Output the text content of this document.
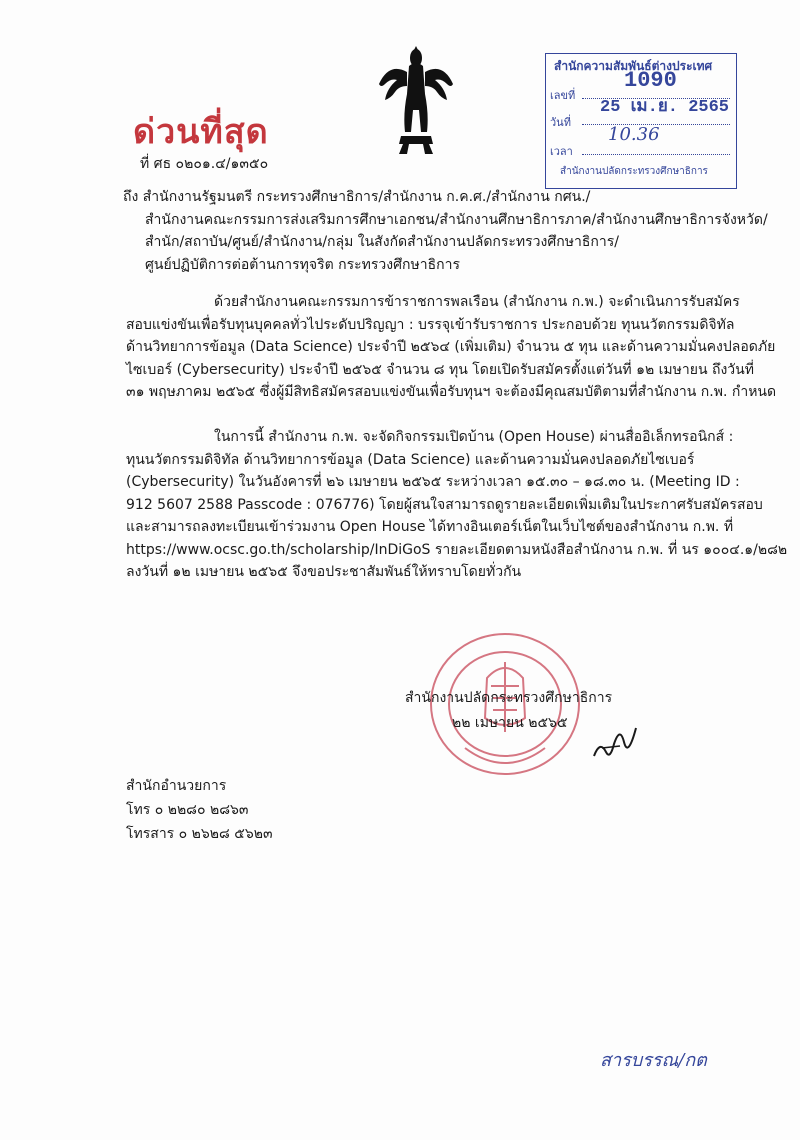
ด่วนที่สุด
ที่ ศธ ๐๒๐๑.๔/๑๓๕๐
สำนักความสัมพันธ์ต่างประเทศ
เลขที่
1090
วันที่
25 เม.ย. 2565
เวลา
10.36
สำนักงานปลัดกระทรวงศึกษาธิการ
ถึง สำนักงานรัฐมนตรี กระทรวงศึกษาธิการ/สำนักงาน ก.ค.ศ./สำนักงาน กศน./
สำนักงานคณะกรรมการส่งเสริมการศึกษาเอกชน/สำนักงานศึกษาธิการภาค/สำนักงานศึกษาธิการจังหวัด/
สำนัก/สถาบัน/ศูนย์/สำนักงาน/กลุ่ม ในสังกัดสำนักงานปลัดกระทรวงศึกษาธิการ/
ศูนย์ปฏิบัติการต่อต้านการทุจริต กระทรวงศึกษาธิการ
ด้วยสำนักงานคณะกรรมการข้าราชการพลเรือน (สำนักงาน ก.พ.) จะดำเนินการรับสมัคร
สอบแข่งขันเพื่อรับทุนบุคคลทั่วไประดับปริญญา : บรรจุเข้ารับราชการ ประกอบด้วย ทุนนวัตกรรมดิจิทัล
ด้านวิทยาการข้อมูล (Data Science) ประจำปี ๒๕๖๔ (เพิ่มเติม) จำนวน ๕ ทุน และด้านความมั่นคงปลอดภัย
ไซเบอร์ (Cybersecurity) ประจำปี ๒๕๖๕ จำนวน ๘ ทุน โดยเปิดรับสมัครตั้งแต่วันที่ ๑๒ เมษายน ถึงวันที่
๓๑ พฤษภาคม ๒๕๖๕ ซึ่งผู้มีสิทธิสมัครสอบแข่งขันเพื่อรับทุนฯ จะต้องมีคุณสมบัติตามที่สำนักงาน ก.พ. กำหนด
ในการนี้ สำนักงาน ก.พ. จะจัดกิจกรรมเปิดบ้าน (Open House) ผ่านสื่ออิเล็กทรอนิกส์ :
ทุนนวัตกรรมดิจิทัล ด้านวิทยาการข้อมูล (Data Science) และด้านความมั่นคงปลอดภัยไซเบอร์
(Cybersecurity) ในวันอังคารที่ ๒๖ เมษายน ๒๕๖๕ ระหว่างเวลา ๑๕.๓๐ – ๑๘.๓๐ น. (Meeting ID :
912 5607 2588 Passcode : 076776) โดยผู้สนใจสามารถดูรายละเอียดเพิ่มเติมในประกาศรับสมัครสอบ
และสามารถลงทะเบียนเข้าร่วมงาน Open House ได้ทางอินเตอร์เน็ตในเว็บไซต์ของสำนักงาน ก.พ. ที่
https://www.ocsc.go.th/scholarship/InDiGoS รายละเอียดตามหนังสือสำนักงาน ก.พ. ที่ นร ๑๐๐๔.๑/๒๘๒
ลงวันที่ ๑๒ เมษายน ๒๕๖๕ จึงขอประชาสัมพันธ์ให้ทราบโดยทั่วกัน
สำนักงานปลัดกระทรวงศึกษาธิการ
๒๒ เมษายน ๒๕๖๕
สำนักอำนวยการ
โทร ๐ ๒๒๘๐ ๒๘๖๓
โทรสาร ๐ ๒๖๒๘ ๕๖๒๓
สารบรรณ/กต
